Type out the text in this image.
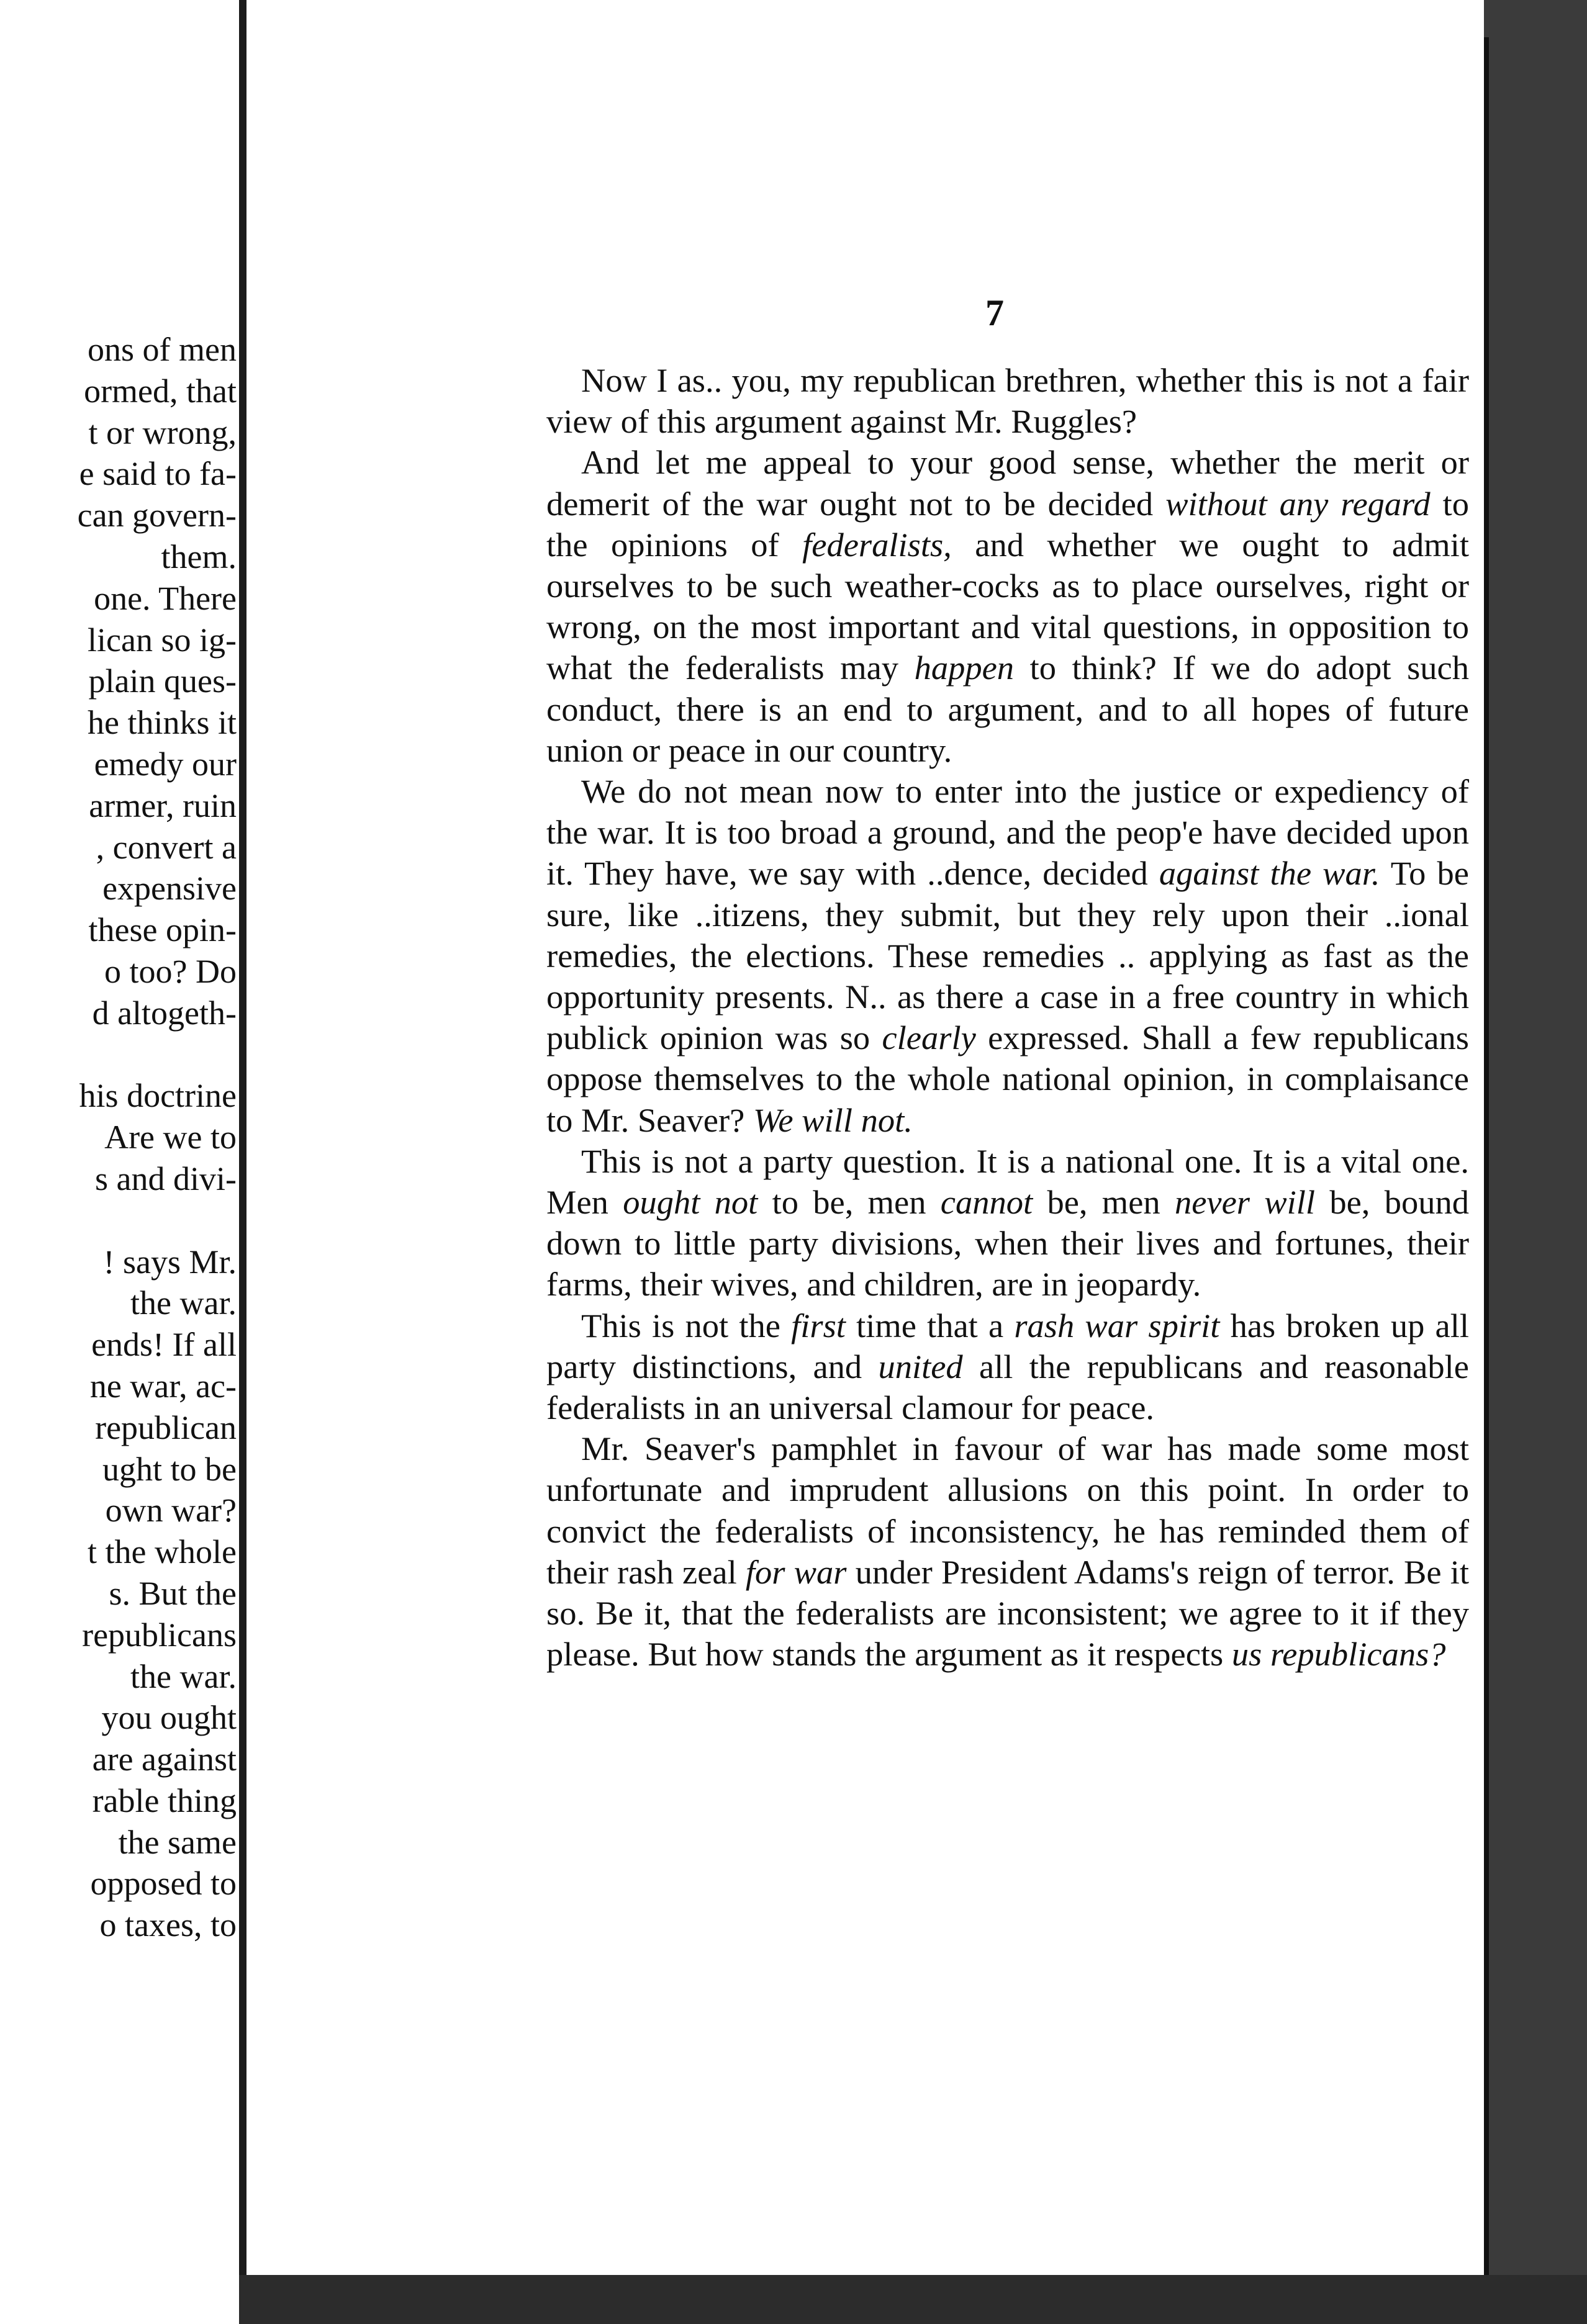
ons of men
ormed, that
t or wrong,
e said to fa-
can govern-
them.
one. There
lican so ig-
plain ques-
he thinks it
emedy our
armer, ruin
, convert a
expensive
these opin-
o too? Do
d altogeth-
his doctrine
Are we to
s and divi-
! says Mr.
the war.
ends! If all
ne war, ac-
republican
ught to be
own war?
t the whole
s. But the
republicans
the war.
you ought
are against
rable thing
the same
opposed to
o taxes, to
7

Now I as.. you, my republican brethren, whether this is not a fair view of this argument against Mr. Ruggles?

And let me appeal to your good sense, whether the merit or demerit of the war ought not to be decided without any regard to the opinions of federalists, and whether we ought to admit ourselves to be such weather-cocks as to place ourselves, right or wrong, on the most important and vital questions, in opposition to what the federalists may happen to think? If we do adopt such conduct, there is an end to argument, and to all hopes of future union or peace in our country.

We do not mean now to enter into the justice or expediency of the war. It is too broad a ground, and the peop'e have decided upon it. They have, we say with ..dence, decided against the war. To be sure, like ..itizens, they submit, but they rely upon their ..ional remedies, the elections. These remedies .. applying as fast as the opportunity presents. N.. as there a case in a free country in which publick opinion was so clearly expressed. Shall a few republicans oppose themselves to the whole national opinion, in complaisance to Mr. Seaver? We will not.

This is not a party question. It is a national one. It is a vital one. Men ought not to be, men cannot be, men never will be, bound down to little party divisions, when their lives and fortunes, their farms, their wives, and children, are in jeopardy.

This is not the first time that a rash war spirit has broken up all party distinctions, and united all the republicans and reasonable federalists in an universal clamour for peace.

Mr. Seaver's pamphlet in favour of war has made some most unfortunate and imprudent allusions on this point. In order to convict the federalists of inconsistency, he has reminded them of their rash zeal for war under President Adams's reign of terror. Be it so. Be it, that the federalists are inconsistent; we agree to it if they please. But how stands the argument as it respects us republicans?
